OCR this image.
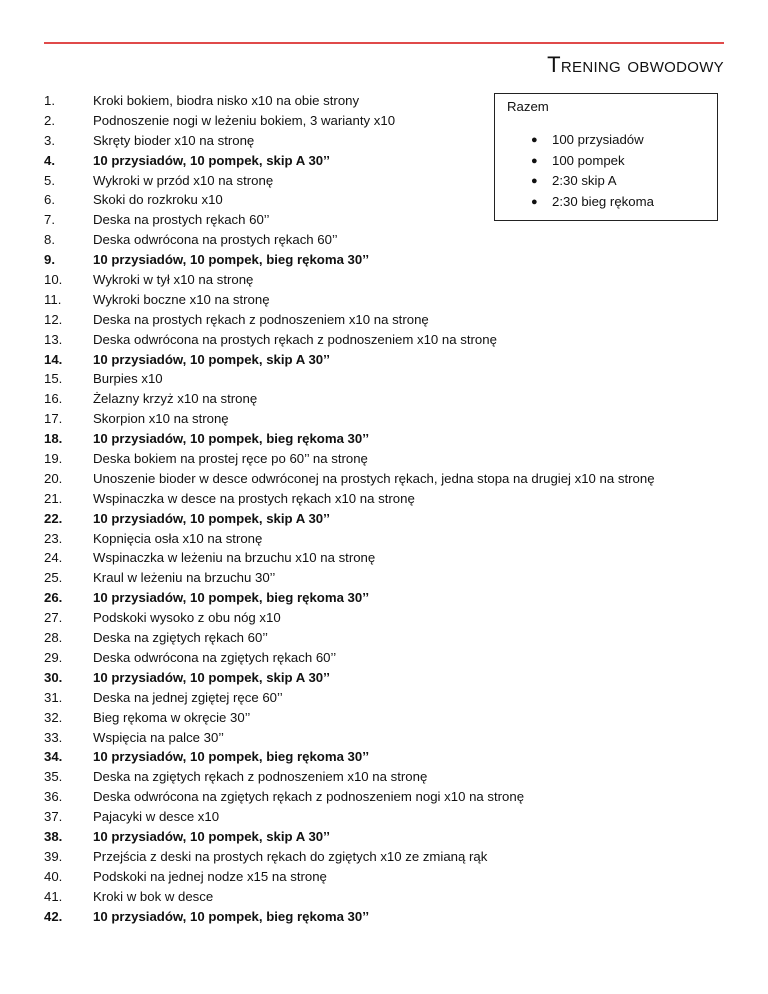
Trening obwodowy
1.	Kroki bokiem, biodra nisko x10 na obie strony
2.	Podnoszenie nogi w leżeniu bokiem, 3 warianty x10
3.	Skręty bioder x10 na stronę
4.	10 przysiadów, 10 pompek, skip A 30’’
5.	Wykroki w przód x10 na stronę
6.	Skoki do rozkroku x10
7.	Deska na prostych rękach 60’’
8.	Deska odwrócona na prostych rękach 60’’
9.	10 przysiadów, 10 pompek, bieg rękoma 30’’
10.	Wykroki w tył x10 na stronę
11.	Wykroki boczne x10 na stronę
12.	Deska na prostych rękach z podnoszeniem x10 na stronę
13.	Deska odwrócona na prostych rękach z podnoszeniem x10 na stronę
14.	10 przysiadów, 10 pompek, skip A 30’’
15.	Burpies x10
16.	Żelazny krzyż x10 na stronę
17.	Skorpion x10 na stronę
18.	10 przysiadów, 10 pompek, bieg rękoma 30’’
19.	Deska bokiem na prostej ręce po 60’’ na stronę
20.	Unoszenie bioder w desce odwróconej na prostych rękach, jedna stopa na drugiej x10 na stronę
21.	Wspinaczka w desce na prostych rękach x10 na stronę
22.	10 przysiadów, 10 pompek, skip A 30’’
23.	Kopnięcia osła x10 na stronę
24.	Wspinaczka w leżeniu na brzuchu x10 na stronę
25.	Kraul w leżeniu na brzuchu 30’’
26.	10 przysiadów, 10 pompek, bieg rękoma 30’’
27.	Podskoki wysoko z obu nóg x10
28.	Deska na zgiętych rękach 60’’
29.	Deska odwrócona na zgiętych rękach 60’’
30.	10 przysiadów, 10 pompek, skip A 30’’
31.	Deska na jednej zgiętej ręce 60’’
32.	Bieg rękoma w okręcie 30’’
33.	Wspięcia na palce 30’’
34.	10 przysiadów, 10 pompek, bieg rękoma 30’’
35.	Deska na zgiętych rękach z podnoszeniem x10 na stronę
36.	Deska odwrócona na zgiętych rękach z podnoszeniem nogi x10 na stronę
37.	Pajacyki w desce x10
38.	10 przysiadów, 10 pompek, skip A 30’’
39.	Przejścia z deski na prostych rękach do zgiętych x10 ze zmianą rąk
40.	Podskoki na jednej nodze x15 na stronę
41.	Kroki w bok w desce
42.	10 przysiadów, 10 pompek, bieg rękoma 30’’
Razem
● 100 przysiadów
● 100 pompek
● 2:30 skip A
● 2:30 bieg rękoma
